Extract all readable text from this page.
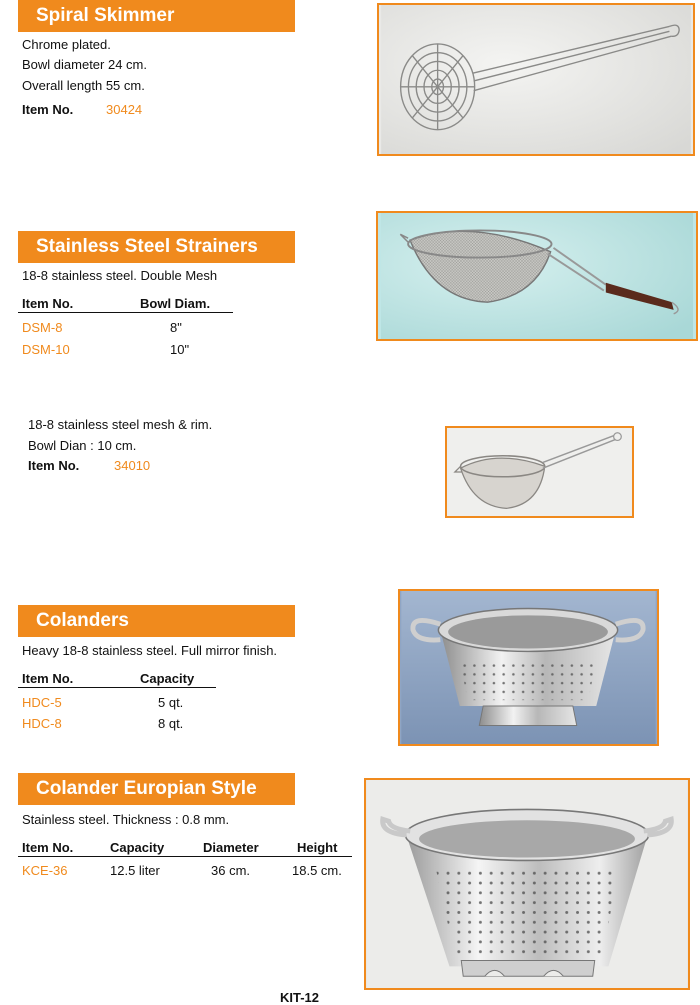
Spiral Skimmer
Chrome plated.
Bowl diameter 24 cm.
Overall length 55 cm.
Item No.	30424
Stainless Steel Strainers
18-8 stainless steel. Double Mesh
Item No.	Bowl Diam.
DSM-8	8"
DSM-10	10"
18-8 stainless steel mesh & rim.
Bowl Dian : 10 cm.
Item No.	34010
Colanders
Heavy 18-8 stainless steel. Full mirror finish.
Item No.	Capacity
HDC-5	5 qt.
HDC-8	8 qt.
Colander Europian Style
Stainless steel. Thickness : 0.8 mm.
Item No.	Capacity	Diameter	Height
KCE-36	12.5 liter	36 cm.	18.5 cm.
KIT-12
